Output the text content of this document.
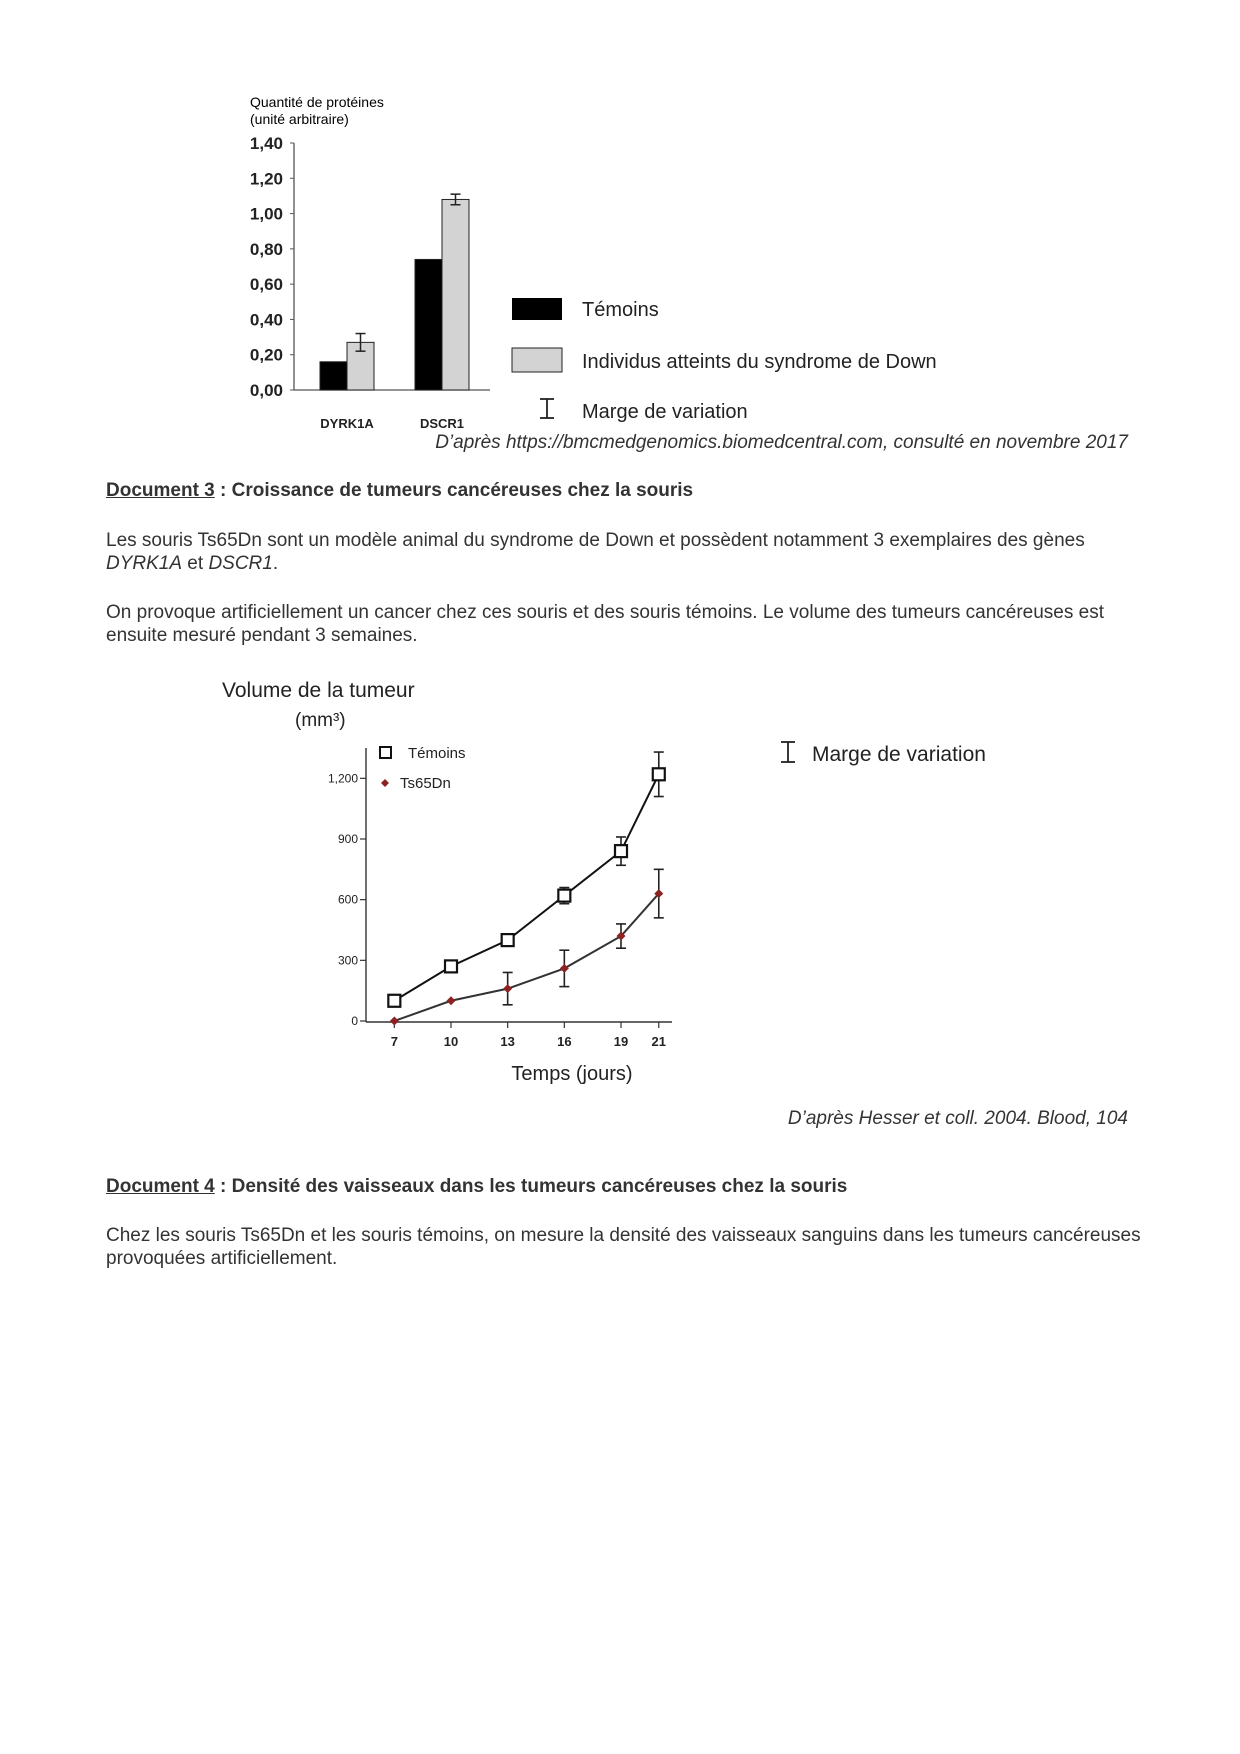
Quantité de protéines
(unité arbitraire)
0,00
0,20
0,40
0,60
0,80
1,00
1,20
1,40
DYRK1A	DSCR1
Témoins
Individus atteints du syndrome de Down
Marge de variation
D’après https://bmcmedgenomics.biomedcentral.com, consulté en novembre 2017
Document 3 : Croissance de tumeurs cancéreuses chez la souris
Les souris Ts65Dn sont un modèle animal du syndrome de Down et possèdent notamment 3 exemplaires des gènes DYRK1A et DSCR1.
On provoque artificiellement un cancer chez ces souris et des souris témoins. Le volume des tumeurs cancéreuses est ensuite mesuré pendant 3 semaines.
Volume de la tumeur
(mm³)
0
300
600
900
1,200
7	10	13	16	19 21
Temps (jours)
Témoins
Ts65Dn
Marge de variation
D’après Hesser et coll. 2004. Blood, 104
Document 4 : Densité des vaisseaux dans les tumeurs cancéreuses chez la souris
Chez les souris Ts65Dn et les souris témoins, on mesure la densité des vaisseaux sanguins dans les tumeurs cancéreuses provoquées artificiellement.
